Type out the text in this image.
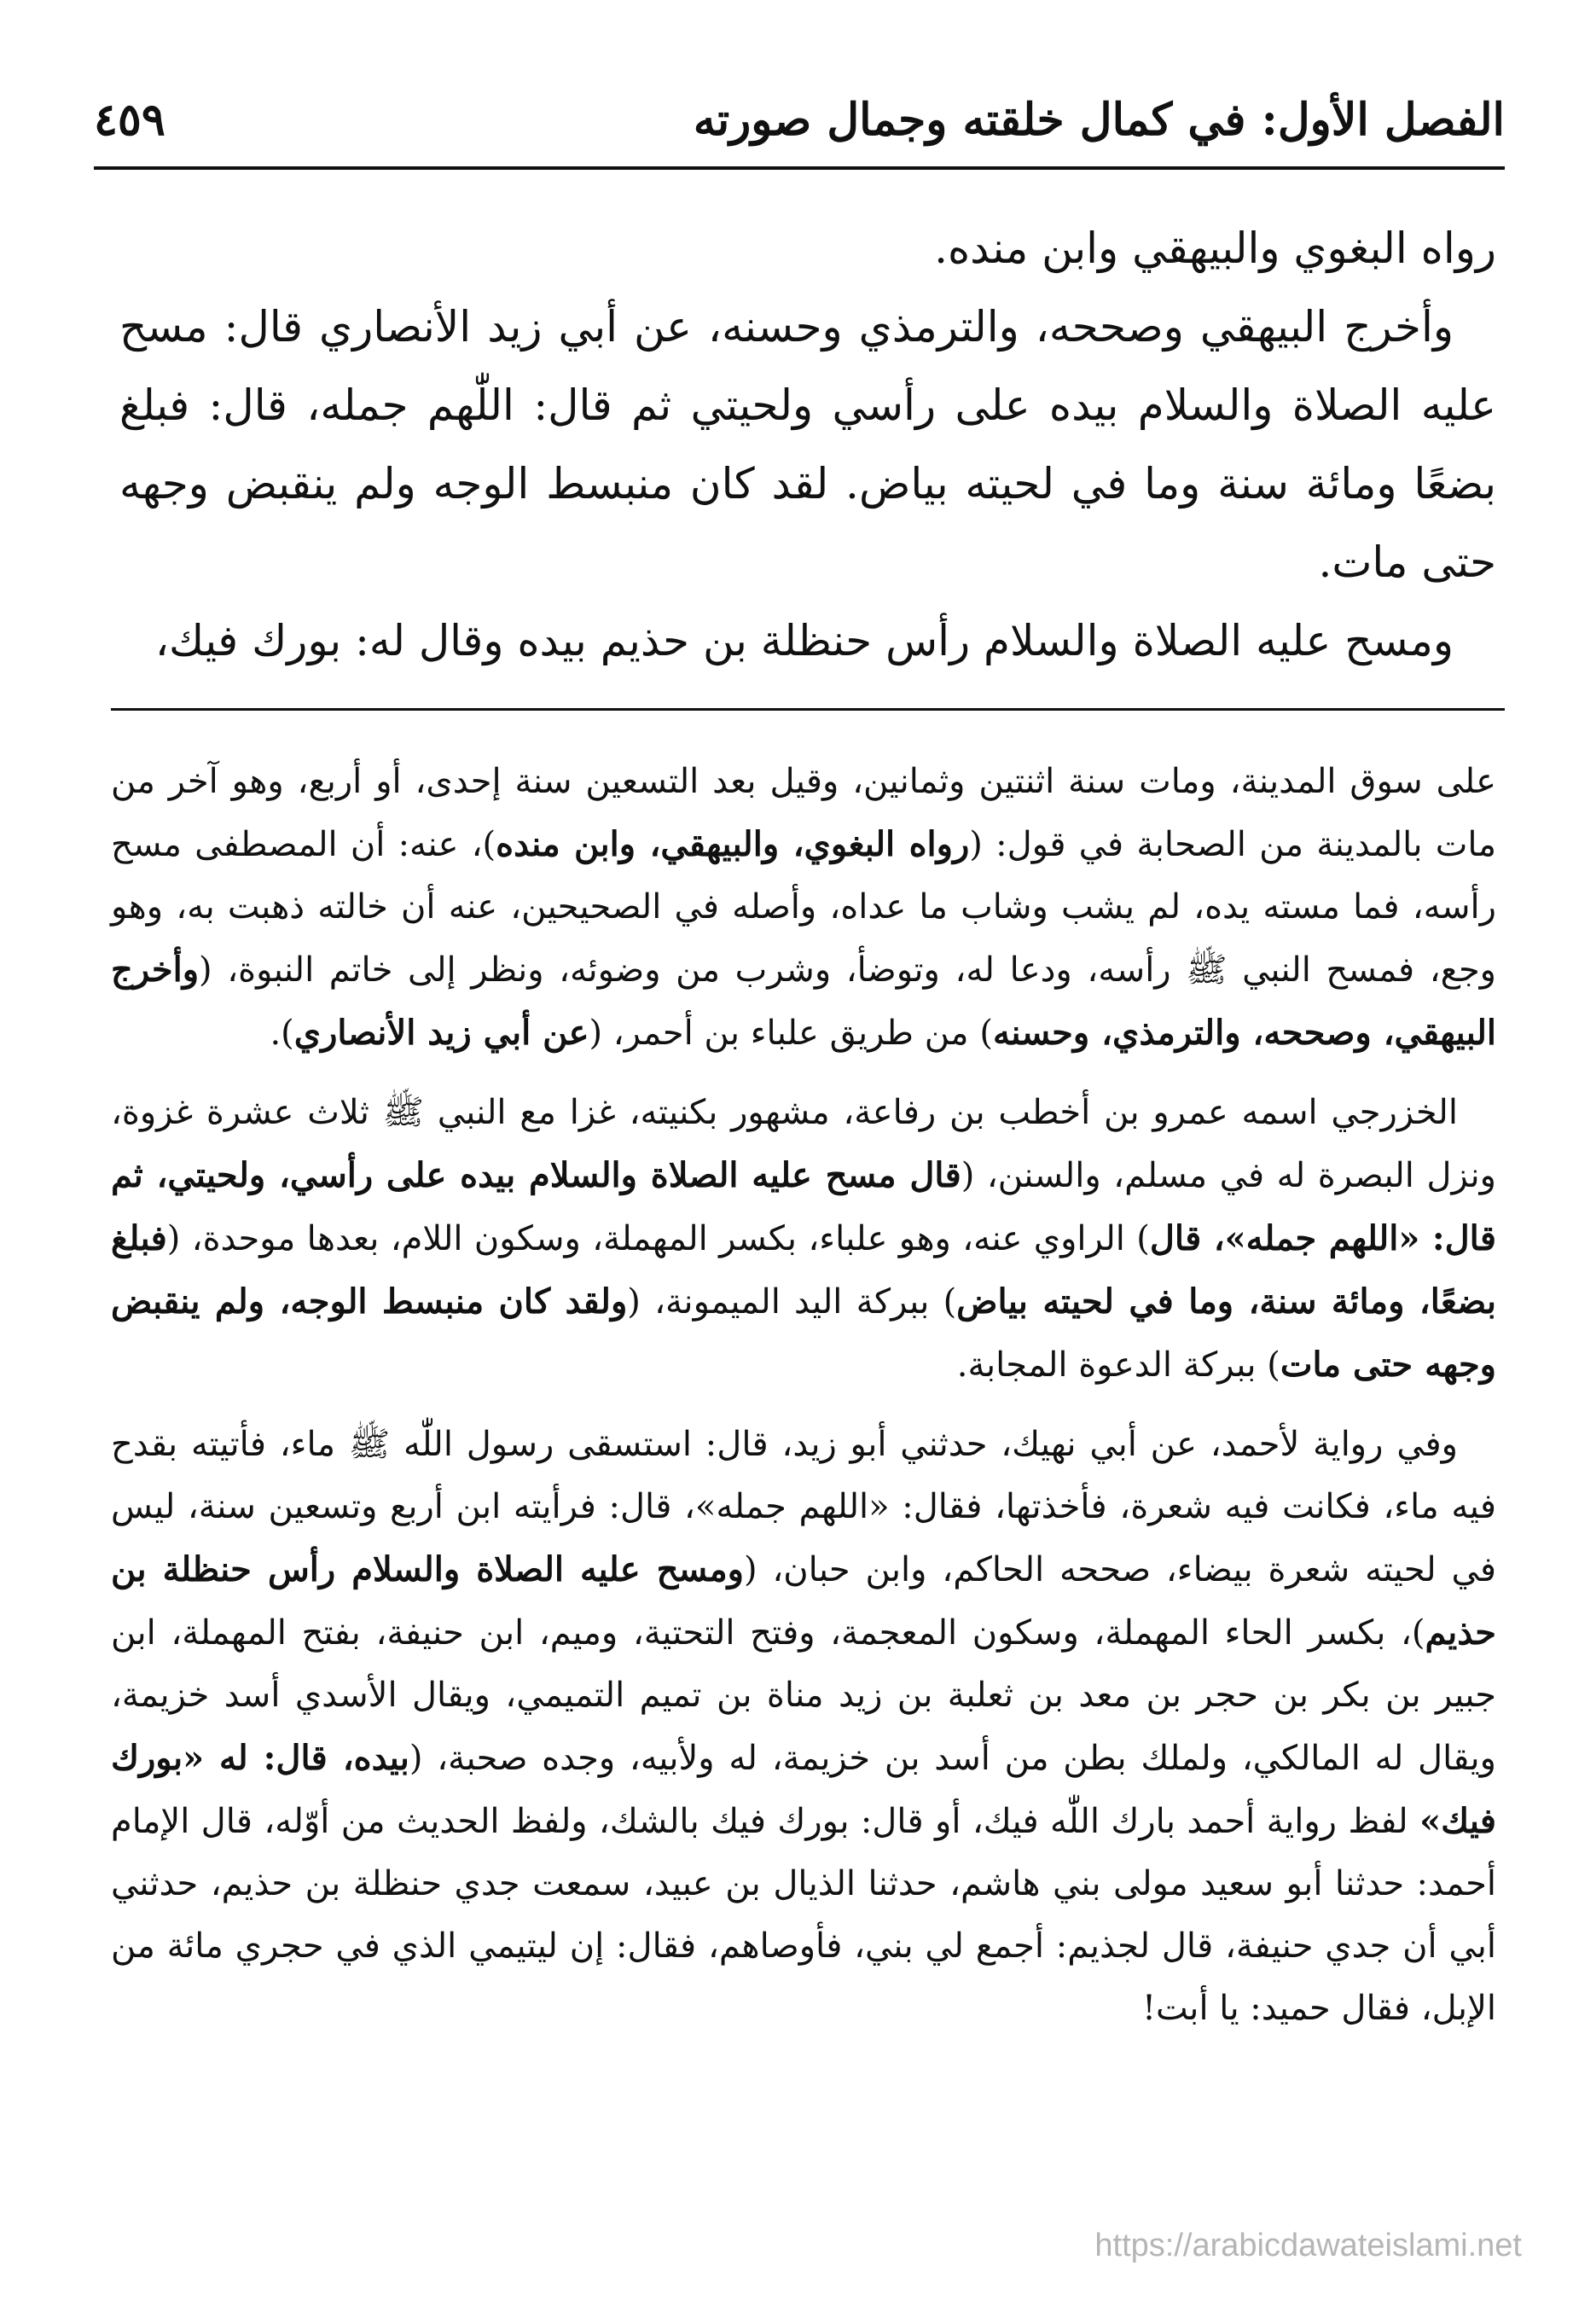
الفصل الأول: في كمال خلقته وجمال صورته
٤٥٩

رواه البغوي والبيهقي وابن منده.

وأخرج البيهقي وصححه، والترمذي وحسنه، عن أبي زيد الأنصاري قال: مسح عليه الصلاة والسلام بيده على رأسي ولحيتي ثم قال: اللّٰهم جمله، قال: فبلغ بضعًا ومائة سنة وما في لحيته بياض. لقد كان منبسط الوجه ولم ينقبض وجهه حتى مات.

ومسح عليه الصلاة والسلام رأس حنظلة بن حذيم بيده وقال له: بورك فيك،

على سوق المدينة، ومات سنة اثنتين وثمانين، وقيل بعد التسعين سنة إحدى، أو أربع، وهو آخر من مات بالمدينة من الصحابة في قول: (رواه البغوي، والبيهقي، وابن منده)، عنه: أن المصطفى مسح رأسه، فما مسته يده، لم يشب وشاب ما عداه، وأصله في الصحيحين، عنه أن خالته ذهبت به، وهو وجع، فمسح النبي ﷺ رأسه، ودعا له، وتوضأ، وشرب من وضوئه، ونظر إلى خاتم النبوة، (وأخرج البيهقي، وصححه، والترمذي، وحسنه) من طريق علباء بن أحمر، (عن أبي زيد الأنصاري).

الخزرجي اسمه عمرو بن أخطب بن رفاعة، مشهور بكنيته، غزا مع النبي ﷺ ثلاث عشرة غزوة، ونزل البصرة له في مسلم، والسنن، (قال مسح عليه الصلاة والسلام بيده على رأسي، ولحيتي، ثم قال: «اللهم جمله»، قال) الراوي عنه، وهو علباء، بكسر المهملة، وسكون اللام، بعدها موحدة، (فبلغ بضعًا، ومائة سنة، وما في لحيته بياض) ببركة اليد الميمونة، (ولقد كان منبسط الوجه، ولم ينقبض وجهه حتى مات) ببركة الدعوة المجابة.

وفي رواية لأحمد، عن أبي نهيك، حدثني أبو زيد، قال: استسقى رسول اللّٰه ﷺ ماء، فأتيته بقدح فيه ماء، فكانت فيه شعرة، فأخذتها، فقال: «اللهم جمله»، قال: فرأيته ابن أربع وتسعين سنة، ليس في لحيته شعرة بيضاء، صححه الحاكم، وابن حبان، (ومسح عليه الصلاة والسلام رأس حنظلة بن حذيم)، بكسر الحاء المهملة، وسكون المعجمة، وفتح التحتية، وميم، ابن حنيفة، بفتح المهملة، ابن جبير بن بكر بن حجر بن معد بن ثعلبة بن زيد مناة بن تميم التميمي، ويقال الأسدي أسد خزيمة، ويقال له المالكي، ولملك بطن من أسد بن خزيمة، له ولأبيه، وجده صحبة، (بيده، قال: له «بورك فيك» لفظ رواية أحمد بارك اللّٰه فيك، أو قال: بورك فيك بالشك، ولفظ الحديث من أوّله، قال الإمام أحمد: حدثنا أبو سعيد مولى بني هاشم، حدثنا الذيال بن عبيد، سمعت جدي حنظلة بن حذيم، حدثني أبي أن جدي حنيفة، قال لجذيم: أجمع لي بني، فأوصاهم، فقال: إن ليتيمي الذي في حجري مائة من الإبل، فقال حميد: يا أبت!

https://arabicdawateislami.net
